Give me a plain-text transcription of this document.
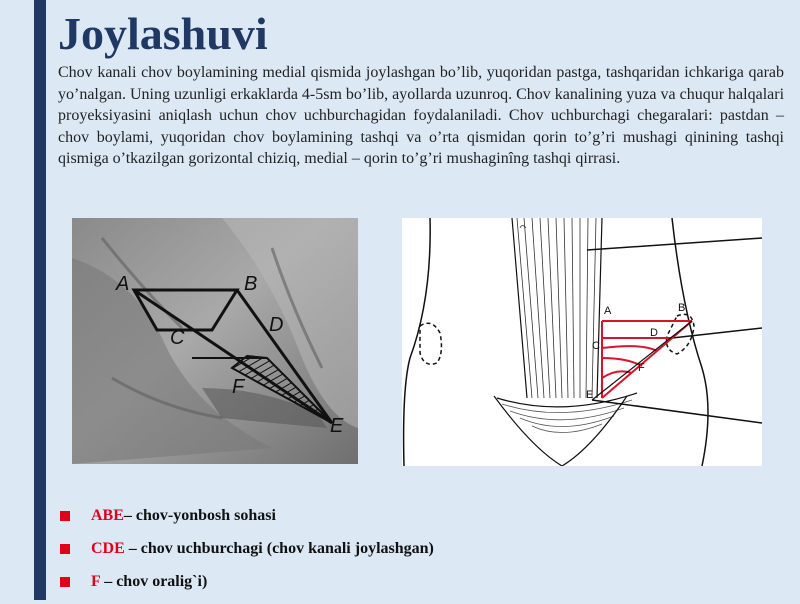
Joylashuvi

Chov kanali chov boylamining medial qismida joylashgan bo’lib, yuqoridan pastga, tashqaridan ichkariga qarab yo’nalgan. Uning uzunligi erkaklarda 4-5sm bo’lib, ayollarda uzunroq. Chov kanalining yuza va chuqur halqalari proyeksiyasini aniqlash uchun chov uchburchagidan foydalaniladi. Chov uchburchagi chegaralari: pastdan – chov boylami, yuqoridan chov boylamining tashqi va o’rta qismidan qorin to’g’ri mushagi qinining tashqi qismiga o’tkazilgan gorizontal chiziq, medial – qorin to’g’ri mushaginîng tashqi qirrasi.

A	B
C
D
F
E
A	B
C
D
F
E
ABE– chov-yonbosh sohasi
CDE – chov uchburchagi (chov kanali joylashgan)
F – chov oralig`i)
